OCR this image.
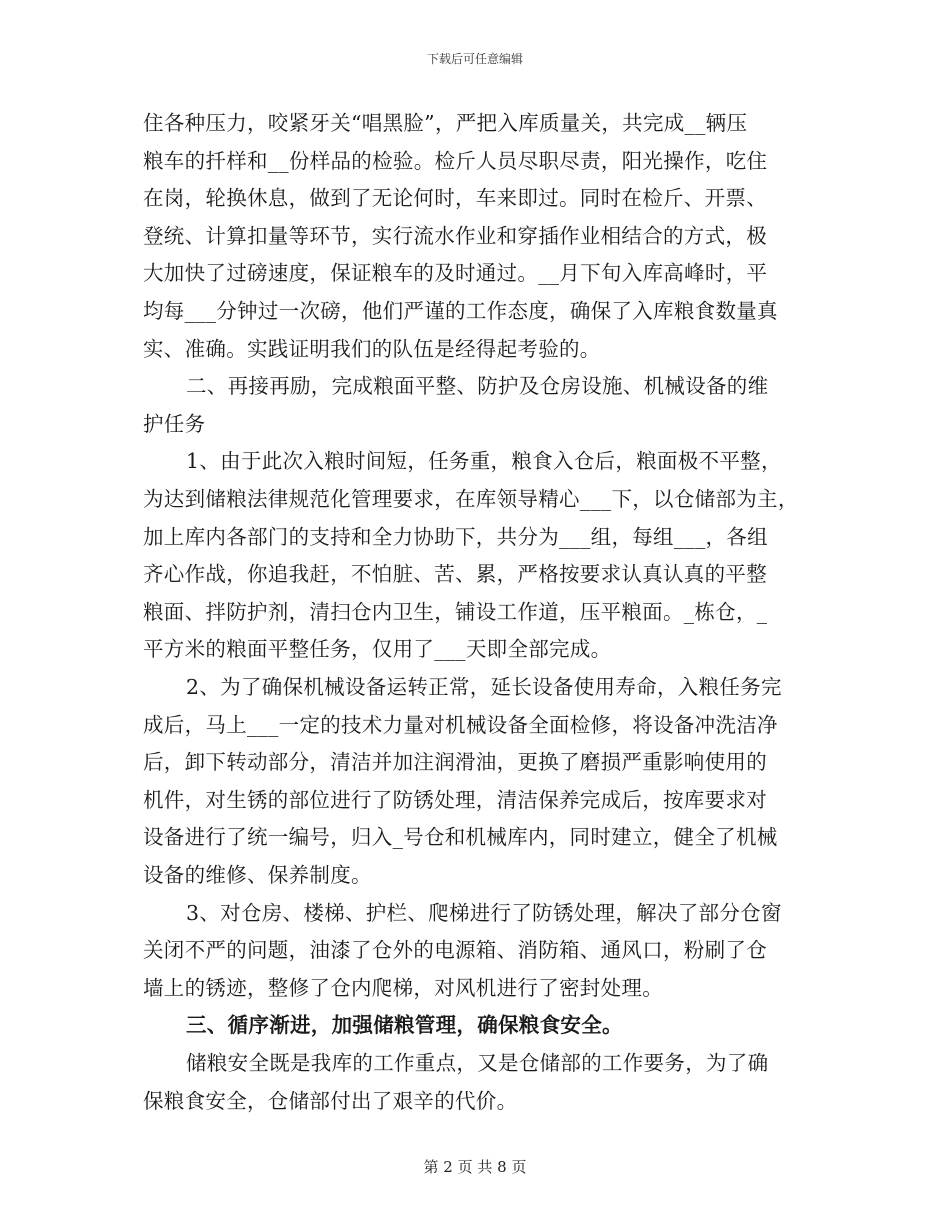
下载后可任意编辑
住各种压力，咬紧牙关“唱黑脸”，严把入库质量关，共完成__辆压
粮车的扦样和__份样品的检验。检斤人员尽职尽责，阳光操作，吃住
在岗，轮换休息，做到了无论何时，车来即过。同时在检斤、开票、
登统、计算扣量等环节，实行流水作业和穿插作业相结合的方式，极
大加快了过磅速度，保证粮车的及时通过。__月下旬入库高峰时，平
均每___分钟过一次磅，他们严谨的工作态度，确保了入库粮食数量真
实、准确。实践证明我们的队伍是经得起考验的。
二、再接再励，完成粮面平整、防护及仓房设施、机械设备的维
护任务
1、由于此次入粮时间短，任务重，粮食入仓后，粮面极不平整，
为达到储粮法律规范化管理要求，在库领导精心___下，以仓储部为主，
加上库内各部门的支持和全力协助下，共分为___组，每组___，各组
齐心作战，你追我赶，不怕脏、苦、累，严格按要求认真认真的平整
粮面、拌防护剂，清扫仓内卫生，铺设工作道，压平粮面。_栋仓，_
平方米的粮面平整任务，仅用了___天即全部完成。
2、为了确保机械设备运转正常，延长设备使用寿命，入粮任务完
成后，马上___一定的技术力量对机械设备全面检修，将设备冲洗洁净
后，卸下转动部分，清洁并加注润滑油，更换了磨损严重影响使用的
机件，对生锈的部位进行了防锈处理，清洁保养完成后，按库要求对
设备进行了统一编号，归入_号仓和机械库内，同时建立，健全了机械
设备的维修、保养制度。
3、对仓房、楼梯、护栏、爬梯进行了防锈处理，解决了部分仓窗
关闭不严的问题，油漆了仓外的电源箱、消防箱、通风口，粉刷了仓
墙上的锈迹，整修了仓内爬梯，对风机进行了密封处理。
三、循序渐进，加强储粮管理，确保粮食安全。
储粮安全既是我库的工作重点，又是仓储部的工作要务，为了确
保粮食安全，仓储部付出了艰辛的代价。
第 2 页 共 8 页
